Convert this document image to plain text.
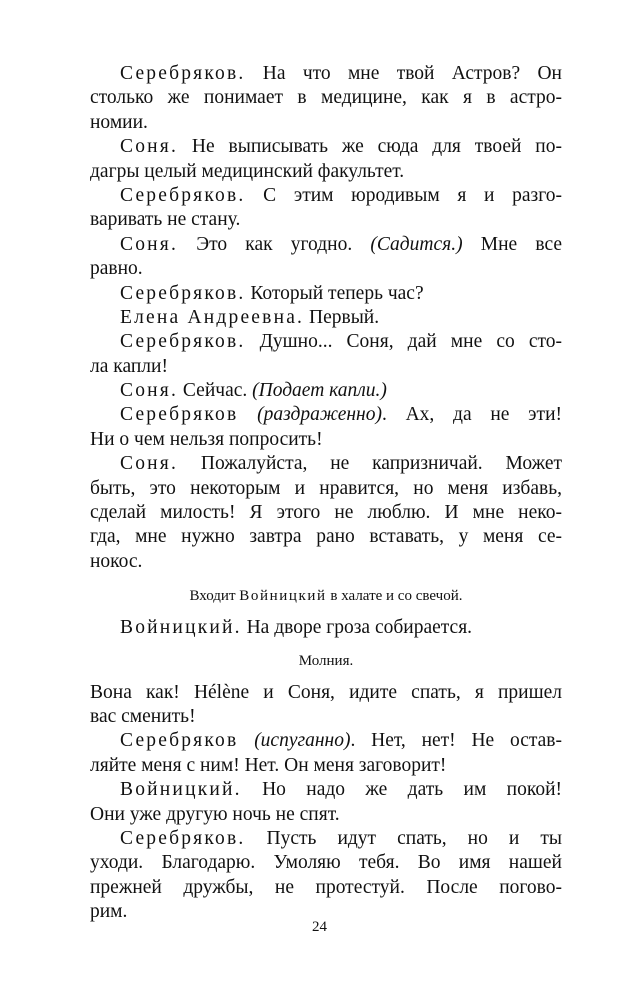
Серебряков. На что мне твой Астров? Он
столько же понимает в медицине, как я в астро-
номии.
Соня. Не выписывать же сюда для твоей по-
дагры целый медицинский факультет.
Серебряков. С этим юродивым я и разго-
варивать не стану.
Соня. Это как угодно. (Садится.) Мне все
равно.
Серебряков. Который теперь час?
Елена Андреевна. Первый.
Серебряков. Душно... Соня, дай мне со сто-
ла капли!
Соня. Сейчас. (Подает капли.)
Серебряков (раздраженно). Ах, да не эти!
Ни о чем нельзя попросить!
Соня. Пожалуйста, не капризничай. Может
быть, это некоторым и нравится, но меня избавь,
сделай милость! Я этого не люблю. И мне неко-
гда, мне нужно завтра рано вставать, у меня се-
нокос.
Входит Войницкий в халате и со свечой.
Войницкий. На дворе гроза собирается.
Молния.
Вона как! Hélène и Соня, идите спать, я пришел
вас сменить!
Серебряков (испуганно). Нет, нет! Не остав-
ляйте меня с ним! Нет. Он меня заговорит!
Войницкий. Но надо же дать им покой!
Они уже другую ночь не спят.
Серебряков. Пусть идут спать, но и ты
уходи. Благодарю. Умоляю тебя. Во имя нашей
прежней дружбы, не протестуй. После погово-
рим.
24
